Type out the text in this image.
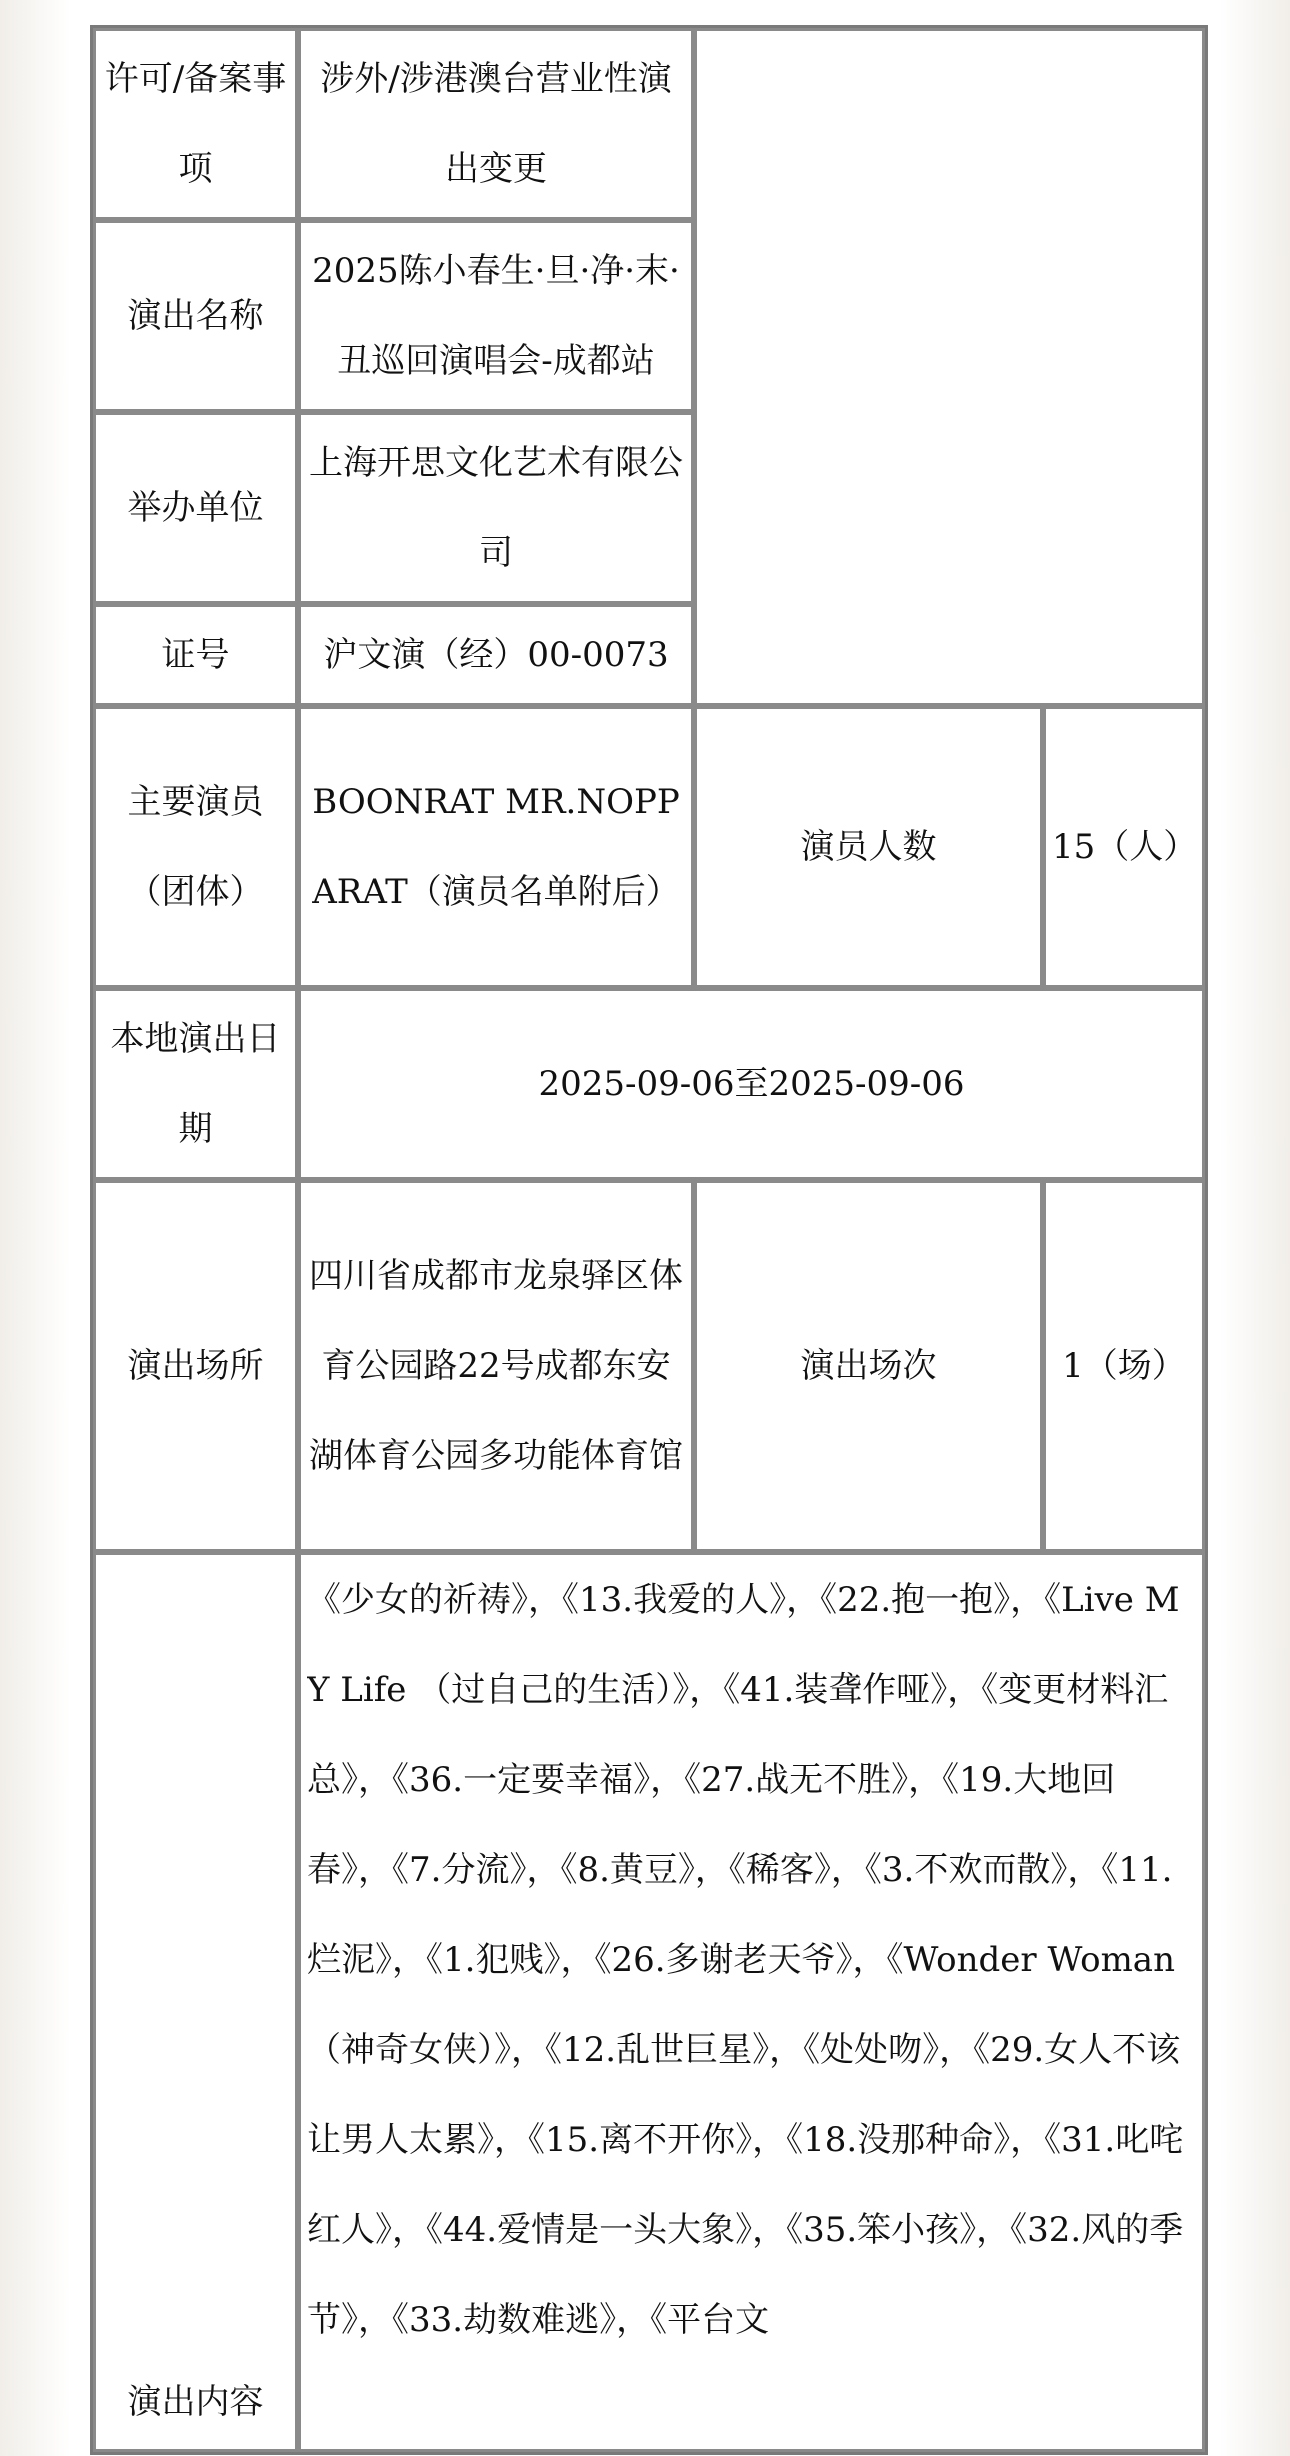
许可/备案事项	涉外/涉港澳台营业性演出变更		
演出名称	2025陈小春生·旦·净·末·丑巡回演唱会-成都站		
举办单位	上海开思文化艺术有限公司		
证号	沪文演（经）00-0073		
主要演员（团体）	BOONRAT MR.NOPPARAT（演员名单附后）	演员人数	15（人）
本地演出日期	2025-09-06至2025-09-06		
演出场所	四川省成都市龙泉驿区体育公园路22号成都东安湖体育公园多功能体育馆	演出场次	1（场）

演出内容	《少女的祈祷》，《13.我爱的人》，《22.抱一抱》，《Live MY Life （过自己的生活）》，《41.装聋作哑》，《变更材料汇总》，《36.一定要幸福》，《27.战无不胜》，《19.大地回春》，《7.分流》，《8.黄豆》，《稀客》，《3.不欢而散》，《11.烂泥》，《1.犯贱》，《26.多谢老天爷》，《Wonder Woman （神奇女侠）》，《12.乱世巨星》，《处处吻》，《29.女人不该让男人太累》，《15.离不开你》，《18.没那种命》，《31.叱咤红人》，《44.爱情是一头大象》，《35.笨小孩》，《32.风的季节》，《33.劫数难逃》，《平台文		
